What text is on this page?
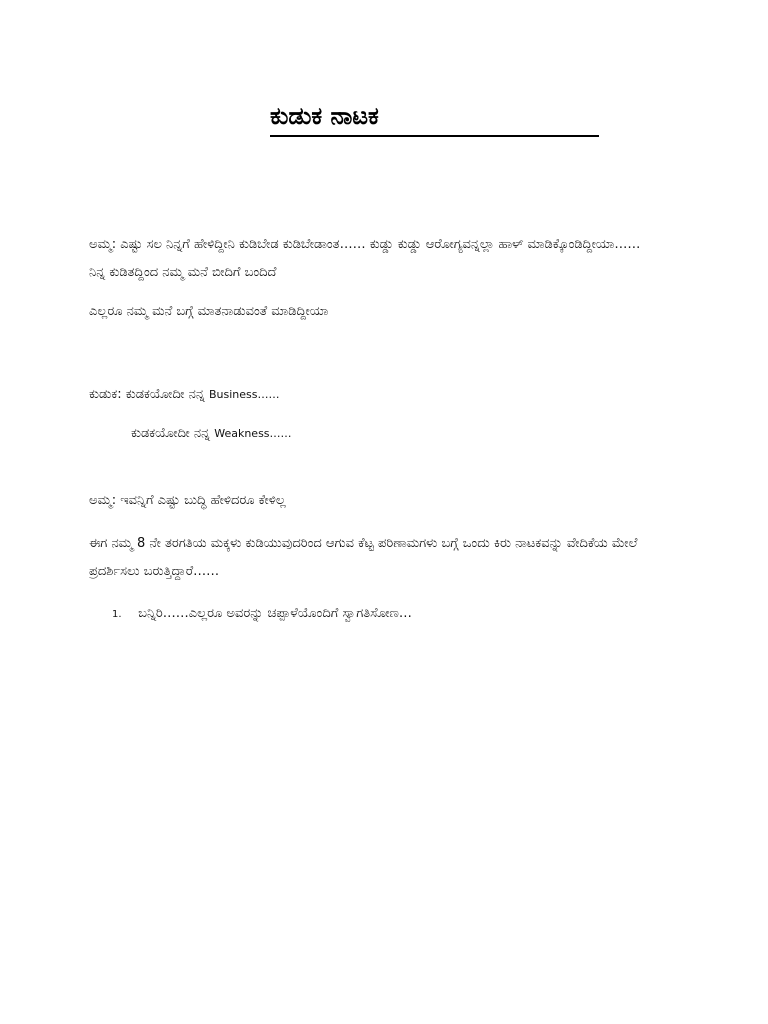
ಕುಡುಕ ನಾಟಕ
ಅಮ್ಮ: ಎಷ್ಟು ಸಲ ನಿನ್ನಗೆ ಹೇಳಿದ್ದೀನಿ ಕುಡಿಬೇಡ ಕುಡಿಬೇಡಾಂತ…… ಕುಡ್ಡು ಕುಡ್ಡು ಆರೋಗ್ಯವನ್ನಲ್ಲಾ ಹಾಳ್ ಮಾಡಿಕ್ಕೊಂಡಿದ್ದೀಯಾ…… ನಿನ್ನ ಕುಡಿತದ್ದಿಂದ ನಮ್ಮ ಮನೆ ಬೀದಿಗೆ ಬಂದಿದೆ
ಎಲ್ಲರೂ ನಮ್ಮ ಮನೆ ಬಗ್ಗೆ ಮಾತನಾಡುವಂತೆ ಮಾಡಿದ್ದೀಯಾ
ಕುಡುಕ: ಕುಡಕಯೋದೀ ನನ್ನ Business……
ಕುಡಕಯೋದೀ ನನ್ನ Weakness……
ಅಮ್ಮ: ಇವನ್ನಿಗೆ ಎಷ್ಟು ಬುದ್ಧಿ ಹೇಳಿದರೂ ಕೇಳಿಲ್ಲ
ಈಗ ನಮ್ಮ 8 ನೇ ತರಗತಿಯ ಮಕ್ಕಳು ಕುಡಿಯುವುದರಿಂದ ಆಗುವ ಕೆಟ್ಟ ಪರಿಣಾಮಗಳು ಬಗ್ಗೆ ಒಂದು ಕಿರು ನಾಟಕವನ್ನು ವೇದಿಕೆಯ ಮೇಲೆ ಪ್ರದರ್ಶಿಸಲು ಬರುತ್ತಿದ್ದಾರೆ……
1. ಬನ್ನಿರಿ……ಎಲ್ಲರೂ ಅವರನ್ನು ಚಪ್ಪಾಳೆಯೊಂದಿಗೆ ಸ್ವಾಗತಿಸೋಣ…
